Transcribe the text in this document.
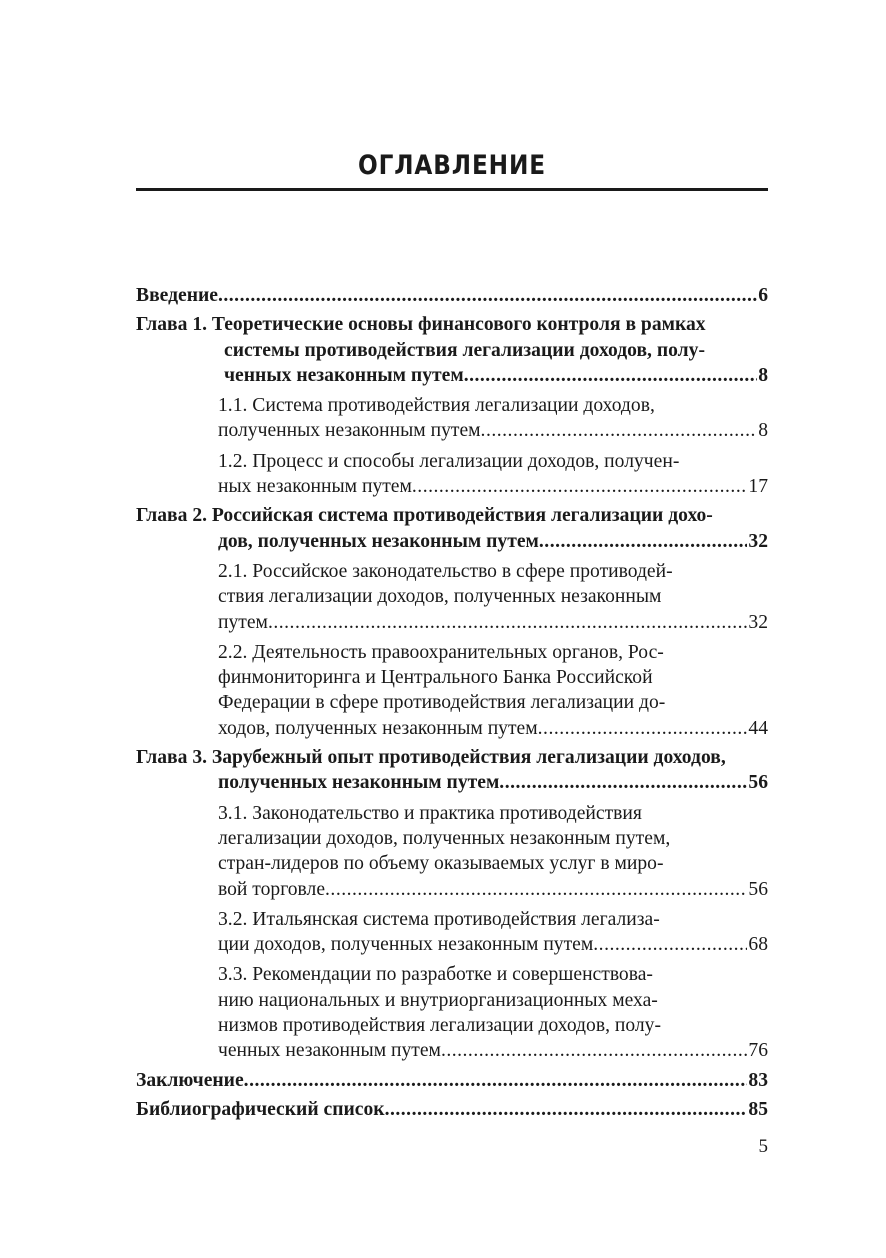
ОГЛАВЛЕНИЕ
Введение .....	6
Глава 1. Теоретические основы финансового контроля в рамках
системы противодействия легализации доходов, полу-
ченных незаконным путем .....	8
1.1. Система противодействия легализации доходов,
полученных незаконным путем .....	8
1.2. Процесс и способы легализации доходов, получен-
ных незаконным путем .....	17
Глава 2. Российская система противодействия легализации дохо-
дов, полученных незаконным путем .....	32
2.1. Российское законодательство в сфере противодей-
ствия легализации доходов, полученных незаконным
путем .....	32
2.2. Деятельность правоохранительных органов, Рос-
финмониторинга и Центрального Банка Российской
Федерации в сфере противодействия легализации до-
ходов, полученных незаконным путем .....	44
Глава 3. Зарубежный опыт противодействия легализации доходов,
полученных незаконным путем .....	56
3.1. Законодательство и практика противодействия
легализации доходов, полученных незаконным путем,
стран-лидеров по объему оказываемых услуг в миро-
вой торговле .....	56
3.2. Итальянская система противодействия легализа-
ции доходов, полученных незаконным путем .....	68
3.3. Рекомендации по разработке и совершенствова-
нию национальных и внутриорганизационных меха-
низмов противодействия легализации доходов, полу-
ченных незаконным путем .....	76
Заключение .....	83
Библиографический список .....	85
5
